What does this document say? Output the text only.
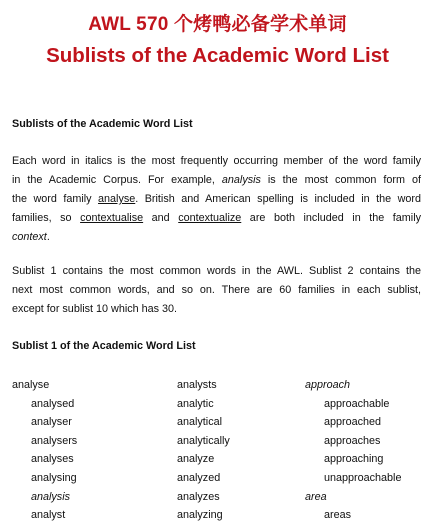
AWL 570 个烤鸭必备学术单词
Sublists of the Academic Word List
Sublists of the Academic Word List
Each word in italics is the most frequently occurring member of the word family
in the Academic Corpus. For example, analysis is the most common form of
the word family analyse. British and American spelling is included in the word
families, so contextualise and contextualize are both included in the family
context.
Sublist 1 contains the most common words in the AWL. Sublist 2 contains the
next most common words, and so on. There are 60 families in each sublist,
except for sublist 10 which has 30.
Sublist 1 of the Academic Word List
analyse
analysed
analyser
analysers
analyses
analysing
analysis
analyst
analysts
analytic
analytical
analytically
analyze
analyzed
analyzes
analyzing
approach
approachable
approached
approaches
approaching
unapproachable
area
areas
